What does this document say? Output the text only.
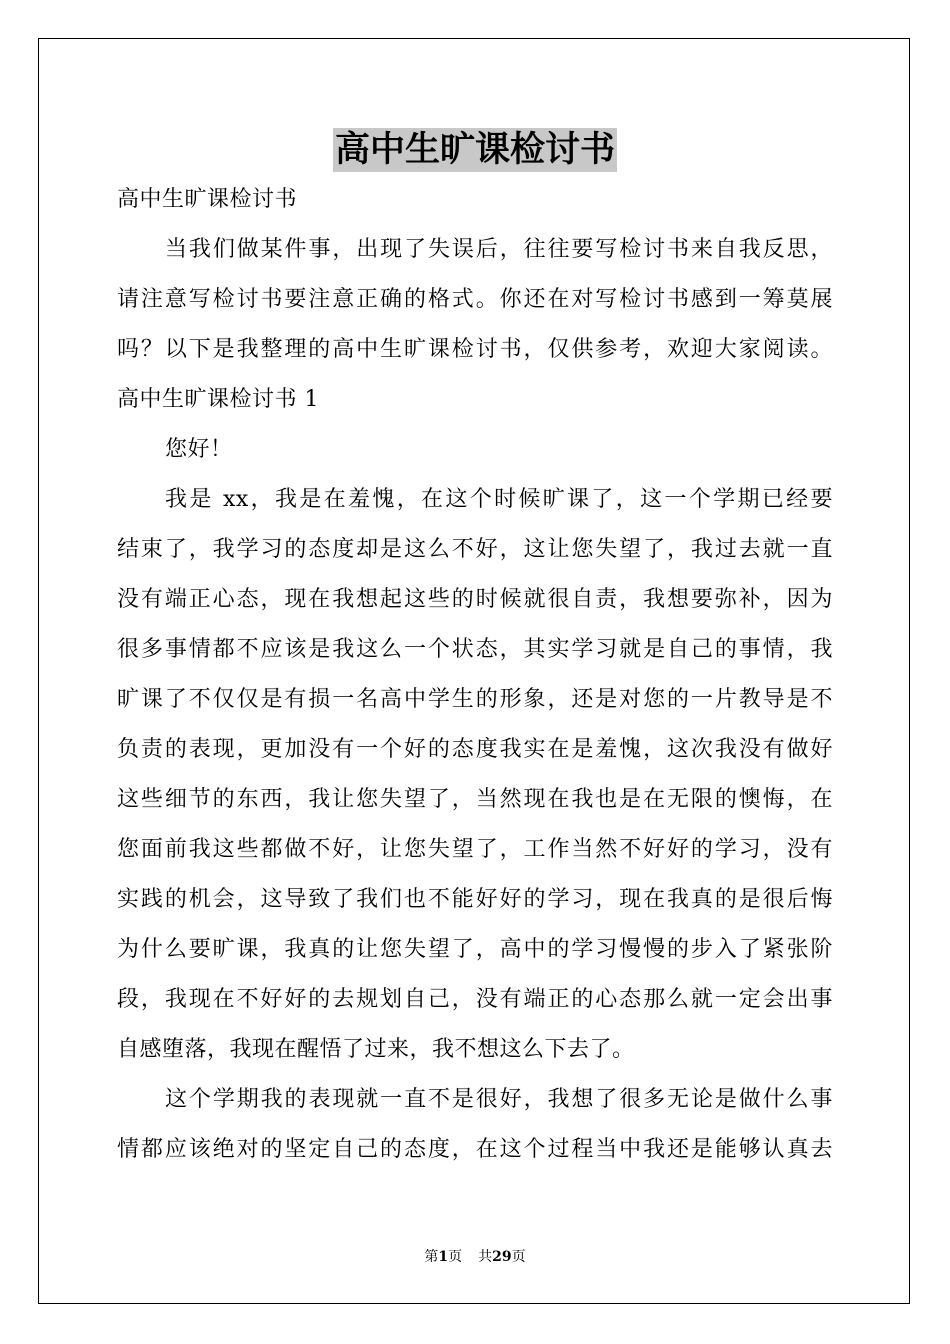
高中生旷课检讨书
高中生旷课检讨书
当我们做某件事，出现了失误后，往往要写检讨书来自我反思，
请注意写检讨书要注意正确的格式。你还在对写检讨书感到一筹莫展
吗？以下是我整理的高中生旷课检讨书，仅供参考，欢迎大家阅读。
高中生旷课检讨书 1
您好！
我是 xx，我是在羞愧，在这个时候旷课了，这一个学期已经要
结束了，我学习的态度却是这么不好，这让您失望了，我过去就一直
没有端正心态，现在我想起这些的时候就很自责，我想要弥补，因为
很多事情都不应该是我这么一个状态，其实学习就是自己的事情，我
旷课了不仅仅是有损一名高中学生的形象，还是对您的一片教导是不
负责的表现，更加没有一个好的态度我实在是羞愧，这次我没有做好
这些细节的东西，我让您失望了，当然现在我也是在无限的懊悔，在
您面前我这些都做不好，让您失望了，工作当然不好好的学习，没有
实践的机会，这导致了我们也不能好好的学习，现在我真的是很后悔
为什么要旷课，我真的让您失望了，高中的学习慢慢的步入了紧张阶
段，我现在不好好的去规划自己，没有端正的心态那么就一定会出事
自感堕落，我现在醒悟了过来，我不想这么下去了。
这个学期我的表现就一直不是很好，我想了很多无论是做什么事
情都应该绝对的坚定自己的态度，在这个过程当中我还是能够认真去
第1页 共29页
